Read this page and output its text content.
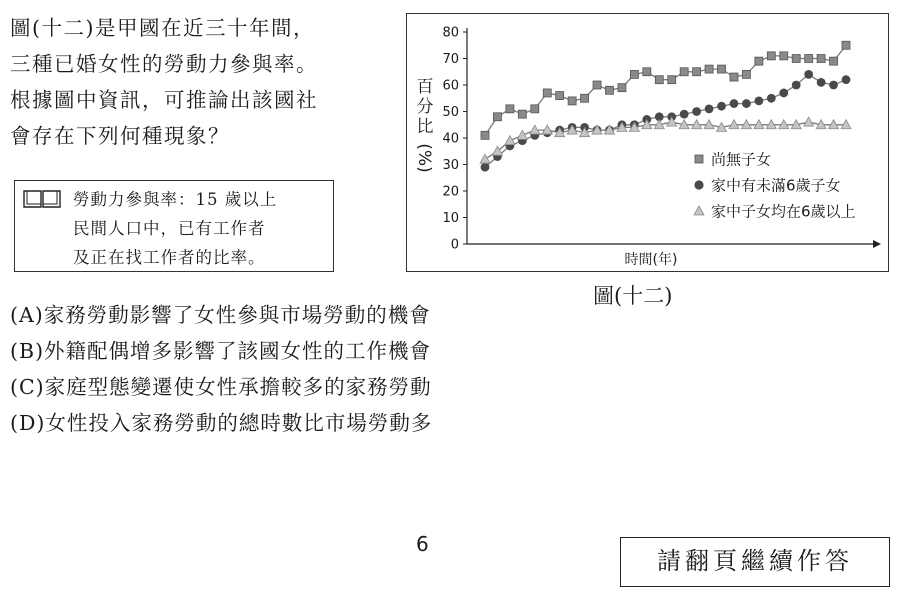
圖(十二)是甲國在近三十年間，
三種已婚女性的勞動力參與率。
根據圖中資訊，可推論出該國社
會存在下列何種現象？
勞動力參與率：15 歲以上
民間人口中，已有工作者
及正在找工作者的比率。
0
10
20
30
40
50
60
70
80
百
分
比
(%)
時間(年)
尚無子女
家中有未滿6歲子女
家中子女均在6歲以上
圖(十二)
(A)家務勞動影響了女性參與市場勞動的機會
(B)外籍配偶增多影響了該國女性的工作機會
(C)家庭型態變遷使女性承擔較多的家務勞動
(D)女性投入家務勞動的總時數比市場勞動多
6
請翻頁繼續作答
